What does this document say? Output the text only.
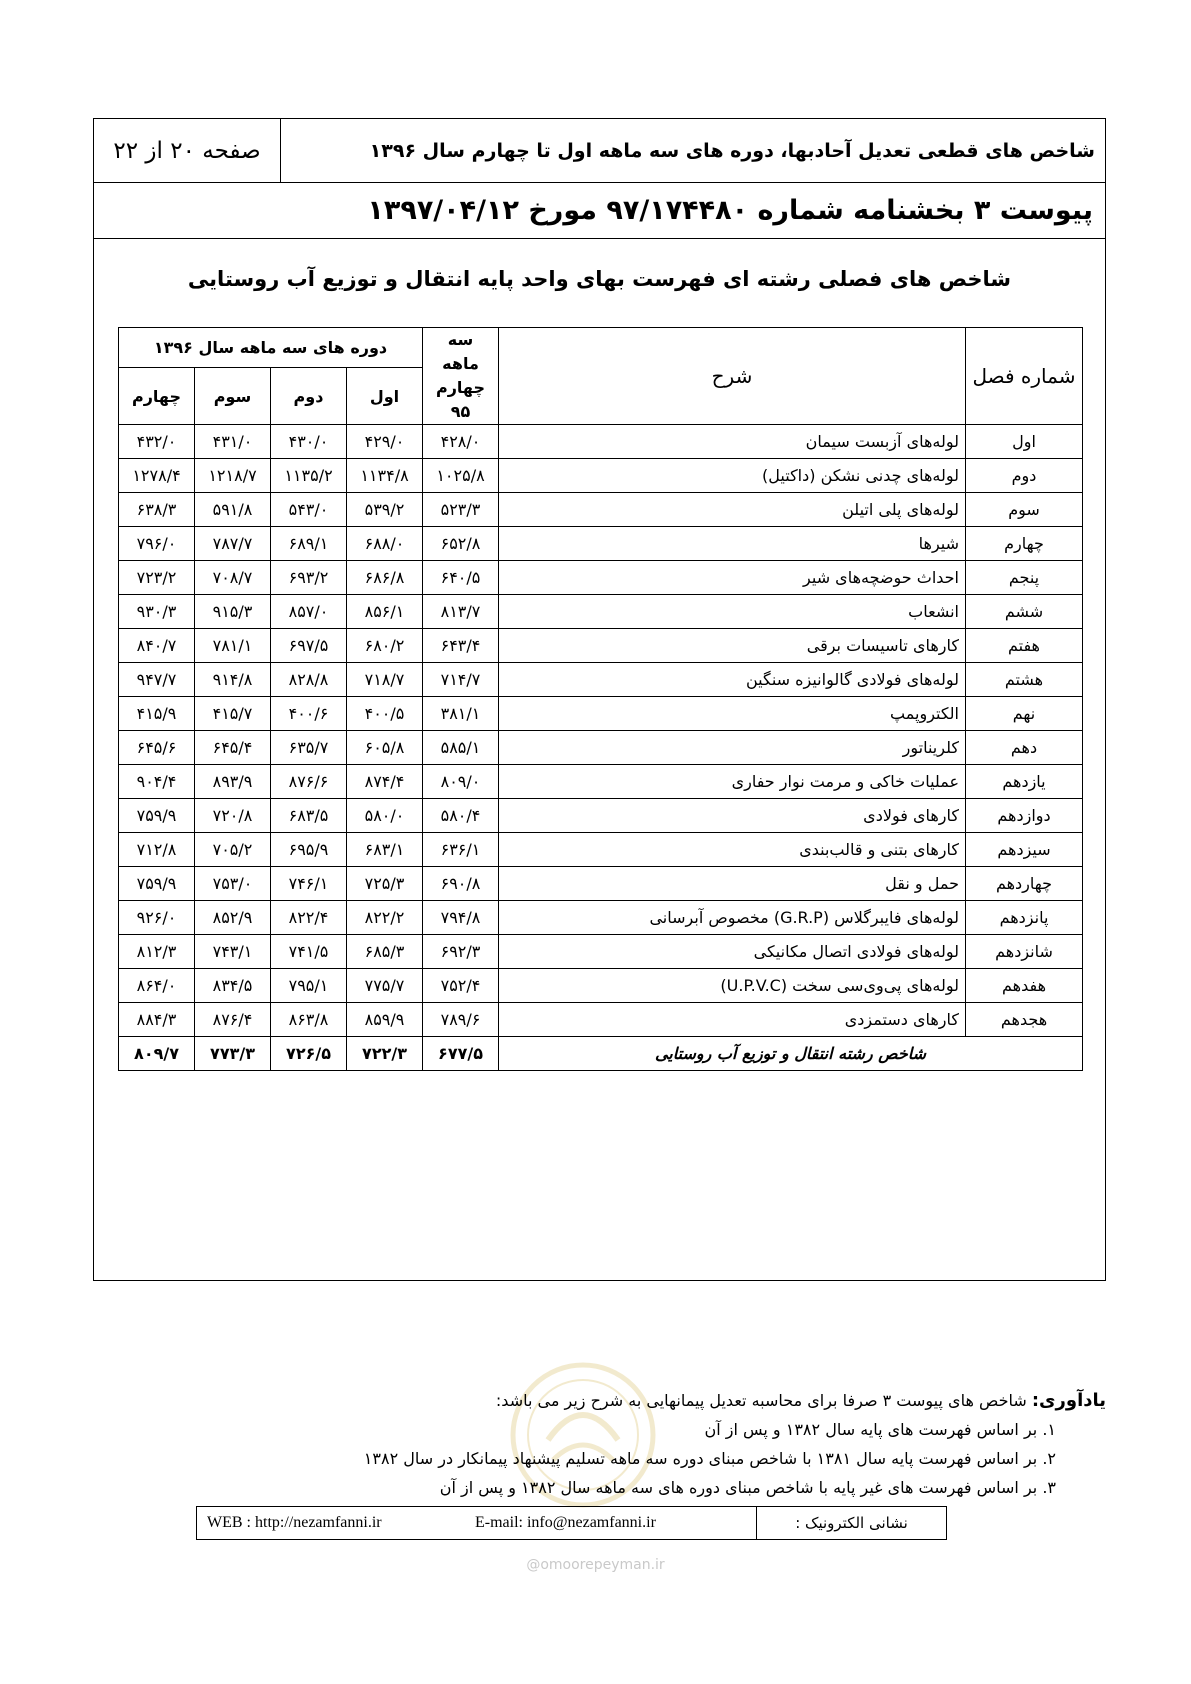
صفحه ۲۰ از ۲۲	شاخص های قطعی تعدیل آحادبها، دوره های سه ماهه اول تا چهارم سال ۱۳۹۶
پیوست ۳ بخشنامه شماره ۹۷/۱۷۴۴۸۰ مورخ ۱۳۹۷/۰۴/۱۲
شاخص های فصلی رشته ای فهرست بهای واحد پایه انتقال و توزیع آب روستایی
شماره فصل	شرح	سه ماهه چهارم ۹۵	دوره های سه ماهه سال ۱۳۹۶			
			اول	دوم	سوم	چهارم
اول	لوله‌های آزبست سیمان	۴۲۸/۰	۴۲۹/۰	۴۳۰/۰	۴۳۱/۰	۴۳۲/۰
دوم	لوله‌های چدنی نشکن (داکتیل)	۱۰۲۵/۸	۱۱۳۴/۸	۱۱۳۵/۲	۱۲۱۸/۷	۱۲۷۸/۴
سوم	لوله‌های پلی اتیلن	۵۲۳/۳	۵۳۹/۲	۵۴۳/۰	۵۹۱/۸	۶۳۸/۳
چهارم	شیرها	۶۵۲/۸	۶۸۸/۰	۶۸۹/۱	۷۸۷/۷	۷۹۶/۰
پنجم	احداث حوضچه‌های شیر	۶۴۰/۵	۶۸۶/۸	۶۹۳/۲	۷۰۸/۷	۷۲۳/۲
ششم	انشعاب	۸۱۳/۷	۸۵۶/۱	۸۵۷/۰	۹۱۵/۳	۹۳۰/۳
هفتم	کارهای تاسیسات برقی	۶۴۳/۴	۶۸۰/۲	۶۹۷/۵	۷۸۱/۱	۸۴۰/۷
هشتم	لوله‌های فولادی گالوانیزه سنگین	۷۱۴/۷	۷۱۸/۷	۸۲۸/۸	۹۱۴/۸	۹۴۷/۷
نهم	الکتروپمپ	۳۸۱/۱	۴۰۰/۵	۴۰۰/۶	۴۱۵/۷	۴۱۵/۹
دهم	کلریناتور	۵۸۵/۱	۶۰۵/۸	۶۳۵/۷	۶۴۵/۴	۶۴۵/۶
یازدهم	عملیات خاکی و مرمت نوار حفاری	۸۰۹/۰	۸۷۴/۴	۸۷۶/۶	۸۹۳/۹	۹۰۴/۴
دوازدهم	کارهای فولادی	۵۸۰/۴	۵۸۰/۰	۶۸۳/۵	۷۲۰/۸	۷۵۹/۹
سیزدهم	کارهای بتنی و قالب‌بندی	۶۳۶/۱	۶۸۳/۱	۶۹۵/۹	۷۰۵/۲	۷۱۲/۸
چهاردهم	حمل و نقل	۶۹۰/۸	۷۲۵/۳	۷۴۶/۱	۷۵۳/۰	۷۵۹/۹
پانزدهم	لوله‌های فایبرگلاس (G.R.P) مخصوص آبرسانی	۷۹۴/۸	۸۲۲/۲	۸۲۲/۴	۸۵۲/۹	۹۲۶/۰
شانزدهم	لوله‌های فولادی اتصال مکانیکی	۶۹۲/۳	۶۸۵/۳	۷۴۱/۵	۷۴۳/۱	۸۱۲/۳
هفدهم	لوله‌های پی‌وی‌سی سخت (U.P.V.C)	۷۵۲/۴	۷۷۵/۷	۷۹۵/۱	۸۳۴/۵	۸۶۴/۰
هجدهم	کارهای دستمزدی	۷۸۹/۶	۸۵۹/۹	۸۶۳/۸	۸۷۶/۴	۸۸۴/۳
شاخص رشته انتقال و توزیع آب روستایی		۶۷۷/۵	۷۲۲/۳	۷۲۶/۵	۷۷۳/۳	۸۰۹/۷
یادآوری: شاخص های پیوست ۳ صرفا برای محاسبه تعدیل پیمانهایی به شرح زیر می باشد:
۱. بر اساس فهرست های پایه سال ۱۳۸۲ و پس از آن
۲. بر اساس فهرست پایه سال ۱۳۸۱ با شاخص مبنای دوره سه ماهه تسلیم پیشنهاد پیمانکار در سال ۱۳۸۲
۳. بر اساس فهرست های غیر پایه با شاخص مبنای دوره های سه ماهه سال ۱۳۸۲ و پس از آن
نشانی الکترونیک :
WEB : http://nezamfanni.ir	E-mail: info@nezamfanni.ir
@omoorepeyman.ir
